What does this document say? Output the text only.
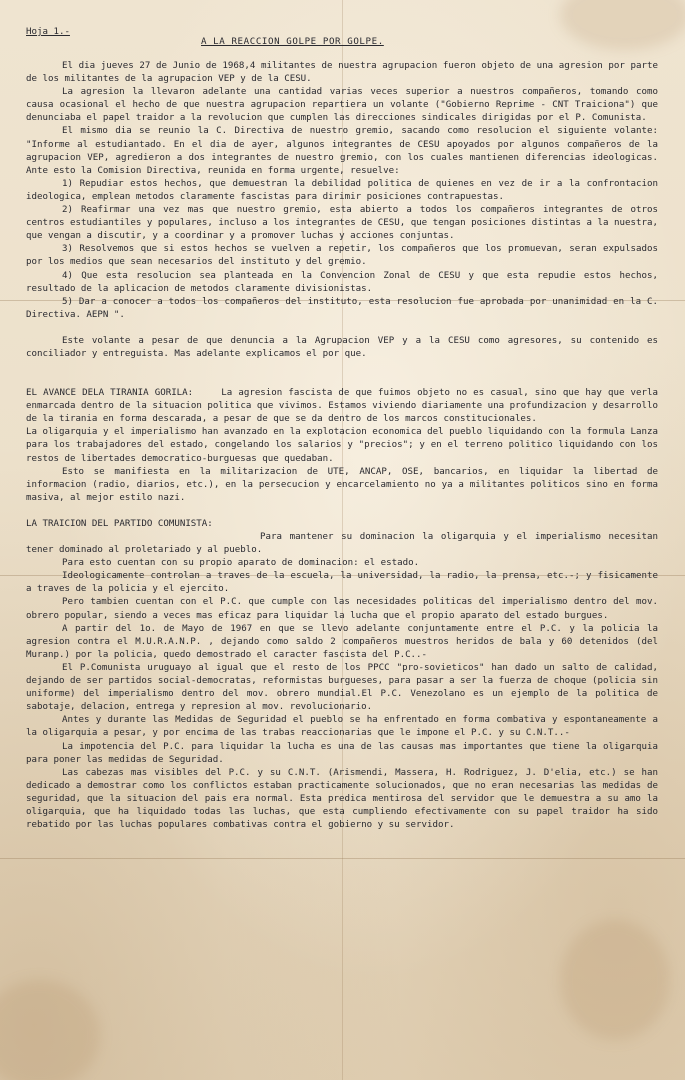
Hoja 1.-
A LA REACCION GOLPE POR GOLPE.

El dia jueves 27 de Junio de 1968,4 militantes de nuestra agrupacion fueron objeto de una agresion por parte de los militantes de la agrupacion VEP y de la CESU.

La agresion la llevaron adelante una cantidad varias veces superior a nuestros compañeros, tomando como causa ocasional el hecho de que nuestra agrupacion repartiera un volante ("Gobierno Reprime - CNT Traiciona") que denunciaba el papel traidor a la revolucion que cumplen las direcciones sindicales dirigidas por el P. Comunista.

El mismo dia se reunio la C. Directiva de nuestro gremio, sacando como resolucion el siguiente volante: "Informe al estudiantado. En el dia de ayer, algunos integrantes de CESU apoyados por algunos compañeros de la agrupacion VEP, agredieron a dos integrantes de nuestro gremio, con los cuales mantienen diferencias ideologicas. Ante esto la Comision Directiva, reunida en forma urgente, resuelve:

1) Repudiar estos hechos, que demuestran la debilidad politica de quienes en vez de ir a la confrontacion ideologica, emplean metodos claramente fascistas para dirimir posiciones contrapuestas.

2) Reafirmar una vez mas que nuestro gremio, esta abierto a todos los compañeros integrantes de otros centros estudiantiles y populares, incluso a los integrantes de CESU, que tengan posiciones distintas a la nuestra, que vengan a discutir, y a coordinar y a promover luchas y acciones conjuntas.

3) Resolvemos que si estos hechos se vuelven a repetir, los compañeros que los promuevan, seran expulsados por los medios que sean necesarios del instituto y del gremio.

4) Que esta resolucion sea planteada en la Convencion Zonal de CESU y que esta repudie estos hechos, resultado de la aplicacion de metodos claramente divisionistas.

5) Dar a conocer a todos los compañeros del instituto, esta resolucion fue aprobada por unanimidad en la C. Directiva. AEPN ".

Este volante a pesar de que denuncia a la Agrupacion VEP y a la CESU como agresores, su contenido es conciliador y entreguista. Mas adelante explicamos el por que.

EL AVANCE DELA TIRANIA GORILA:	La agresion fascista de que fuimos objeto no es casual, sino que hay que verla enmarcada dentro de la situacion politica que vivimos. Estamos viviendo diariamente una profundizacion y desarrollo de la tirania en forma descarada, a pesar de que se da dentro de los marcos constitucionales.

La oligarquia y el imperialismo han avanzado en la explotacion economica del pueblo liquidando con la formula Lanza para los trabajadores del estado, congelando los salarios y "precios"; y en el terreno politico liquidando con los restos de libertades democratico-burguesas que quedaban.

Esto se manifiesta en la militarizacion de UTE, ANCAP, OSE, bancarios, en liquidar la libertad de informacion (radio, diarios, etc.), en la persecucion y encarcelamiento no ya a militantes politicos sino en forma masiva, al mejor estilo nazi.

LA TRAICION DEL PARTIDO COMUNISTA:

Para mantener su dominacion la oligarquia y el imperialismo necesitan tener dominado al proletariado y al pueblo.

Para esto cuentan con su propio aparato de dominacion: el estado.

Ideologicamente controlan a traves de la escuela, la universidad, la radio, la prensa, etc.-; y fisicamente a traves de la policia y el ejercito.

Pero tambien cuentan con el P.C. que cumple con las necesidades politicas del imperialismo dentro del mov. obrero popular, siendo a veces mas eficaz para liquidar la lucha que el propio aparato del estado burgues.

A partir del 1o. de Mayo de 1967 en que se llevo adelante conjuntamente entre el P.C. y la policia la agresion contra el M.U.R.A.N.P. , dejando como saldo 2 compañeros muestros heridos de bala y 60 detenidos (del Muranp.) por la policia, quedo demostrado el caracter fascista del P.C..-

El P.Comunista uruguayo al igual que el resto de los PPCC "pro-sovieticos" han dado un salto de calidad, dejando de ser partidos social-democratas, reformistas burgueses, para pasar a ser la fuerza de choque (policia sin uniforme) del imperialismo dentro del mov. obrero mundial.El P.C. Venezolano es un ejemplo de la politica de sabotaje, delacion, entrega y represion al mov. revolucionario.

Antes y durante las Medidas de Seguridad el pueblo se ha enfrentado en forma combativa y espontaneamente a la oligarquia a pesar, y por encima de las trabas reaccionarias que le impone el P.C. y su C.N.T..-

La impotencia del P.C. para liquidar la lucha es una de las causas mas importantes que tiene la oligarquia para poner las medidas de Seguridad.

Las cabezas mas visibles del P.C. y su C.N.T. (Arismendi, Massera, H. Rodriguez, J. D'elia, etc.) se han dedicado a demostrar como los conflictos estaban practicamente solucionados, que no eran necesarias las medidas de seguridad, que la situacion del pais era normal. Esta predica mentirosa del servidor que le demuestra a su amo la oligarquia, que ha liquidado todas las luchas, que esta cumpliendo efectivamente con su papel traidor ha sido rebatido por las luchas populares combativas contra el gobierno y su servidor.
